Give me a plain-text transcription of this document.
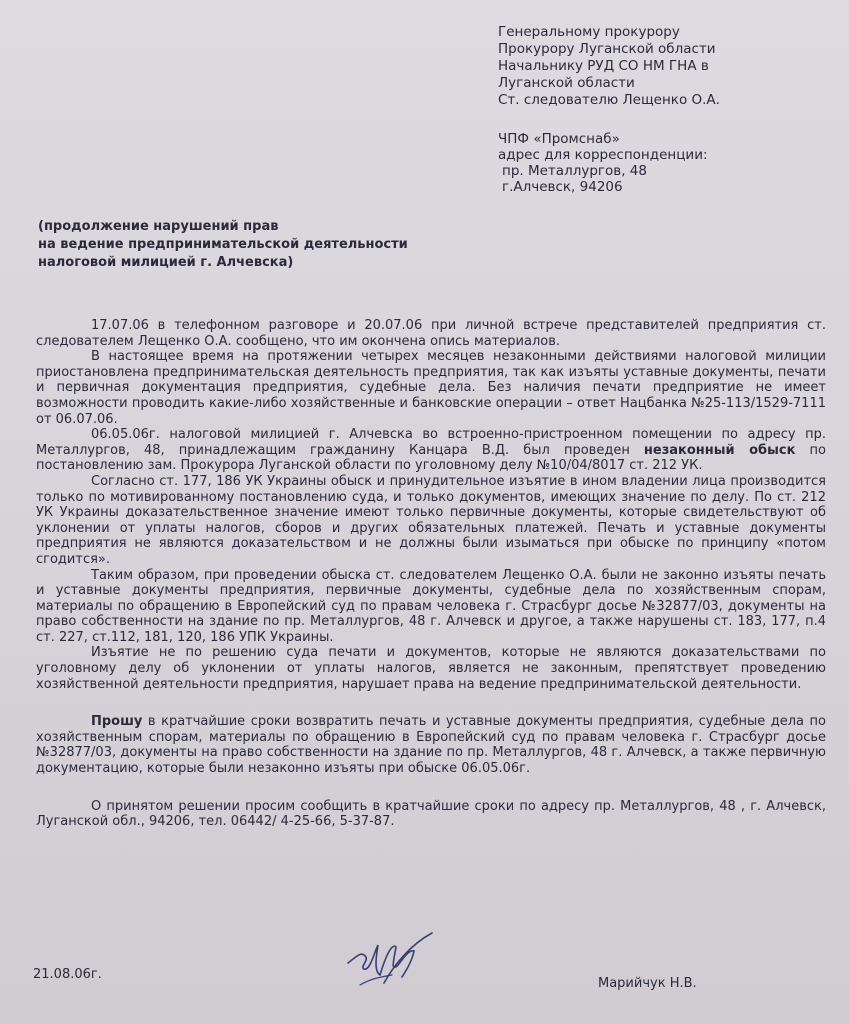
Генеральному прокурору
Прокурору Луганской области
Начальнику РУД СО НМ ГНА в
Луганской области
Ст. следователю Лещенко О.А.
ЧПФ «Промснаб»
адрес для корреспонденции:
пр. Металлургов, 48
г.Алчевск, 94206
(продолжение нарушений прав
на ведение предпринимательской деятельности
налоговой милицией г. Алчевска)

17.07.06 в телефонном разговоре и 20.07.06 при личной встрече представителей предприятия ст. следователем Лещенко О.А. сообщено, что им окончена опись материалов.

В настоящее время на протяжении четырех месяцев незаконными действиями налоговой милиции приостановлена предпринимательская деятельность предприятия, так как изъяты уставные документы, печати и первичная документация предприятия, судебные дела. Без наличия печати предприятие не имеет возможности проводить какие-либо хозяйственные и банковские операции – ответ Нацбанка №25-113/1529-7111 от 06.07.06.

06.05.06г. налоговой милицией г. Алчевска во встроенно-пристроенном помещении по адресу пр. Металлургов, 48, принадлежащим гражданину Канцара В.Д. был проведен незаконный обыск по постановлению зам. Прокурора Луганской области по уголовному делу №10/04/8017 ст. 212 УК.

Согласно ст. 177, 186 УК Украины обыск и принудительное изъятие в ином владении лица производится только по мотивированному постановлению суда, и только документов, имеющих значение по делу. По ст. 212 УК Украины доказательственное значение имеют только первичные документы, которые свидетельствуют об уклонении от уплаты налогов, сборов и других обязательных платежей. Печать и уставные документы предприятия не являются доказательством и не должны были изыматься при обыске по принципу «потом сгодится».

Таким образом, при проведении обыска ст. следователем Лещенко О.А. были не законно изъяты печать и уставные документы предприятия, первичные документы, судебные дела по хозяйственным спорам, материалы по обращению в Европейский суд по правам человека г. Страсбург досье №32877/03, документы на право собственности на здание по пр. Металлургов, 48 г. Алчевск и другое, а также нарушены ст. 183, 177, п.4 ст. 227, ст.112, 181, 120, 186 УПК Украины.

Изъятие не по решению суда печати и документов, которые не являются доказательствами по уголовному делу об уклонении от уплаты налогов, является не законным, препятствует проведению хозяйственной деятельности предприятия, нарушает права на ведение предпринимательской деятельности.

Прошу в кратчайшие сроки возвратить печать и уставные документы предприятия, судебные дела по хозяйственным спорам, материалы по обращению в Европейский суд по правам человека г. Страсбург досье №32877/03, документы на право собственности на здание по пр. Металлургов, 48 г. Алчевск, а также первичную документацию, которые были незаконно изъяты при обыске 06.05.06г.

О принятом решении просим сообщить в кратчайшие сроки по адресу пр. Металлургов, 48 , г. Алчевск, Луганской обл., 94206, тел. 06442/ 4-25-66, 5-37-87.

21.08.06г.
Марийчук Н.В.
